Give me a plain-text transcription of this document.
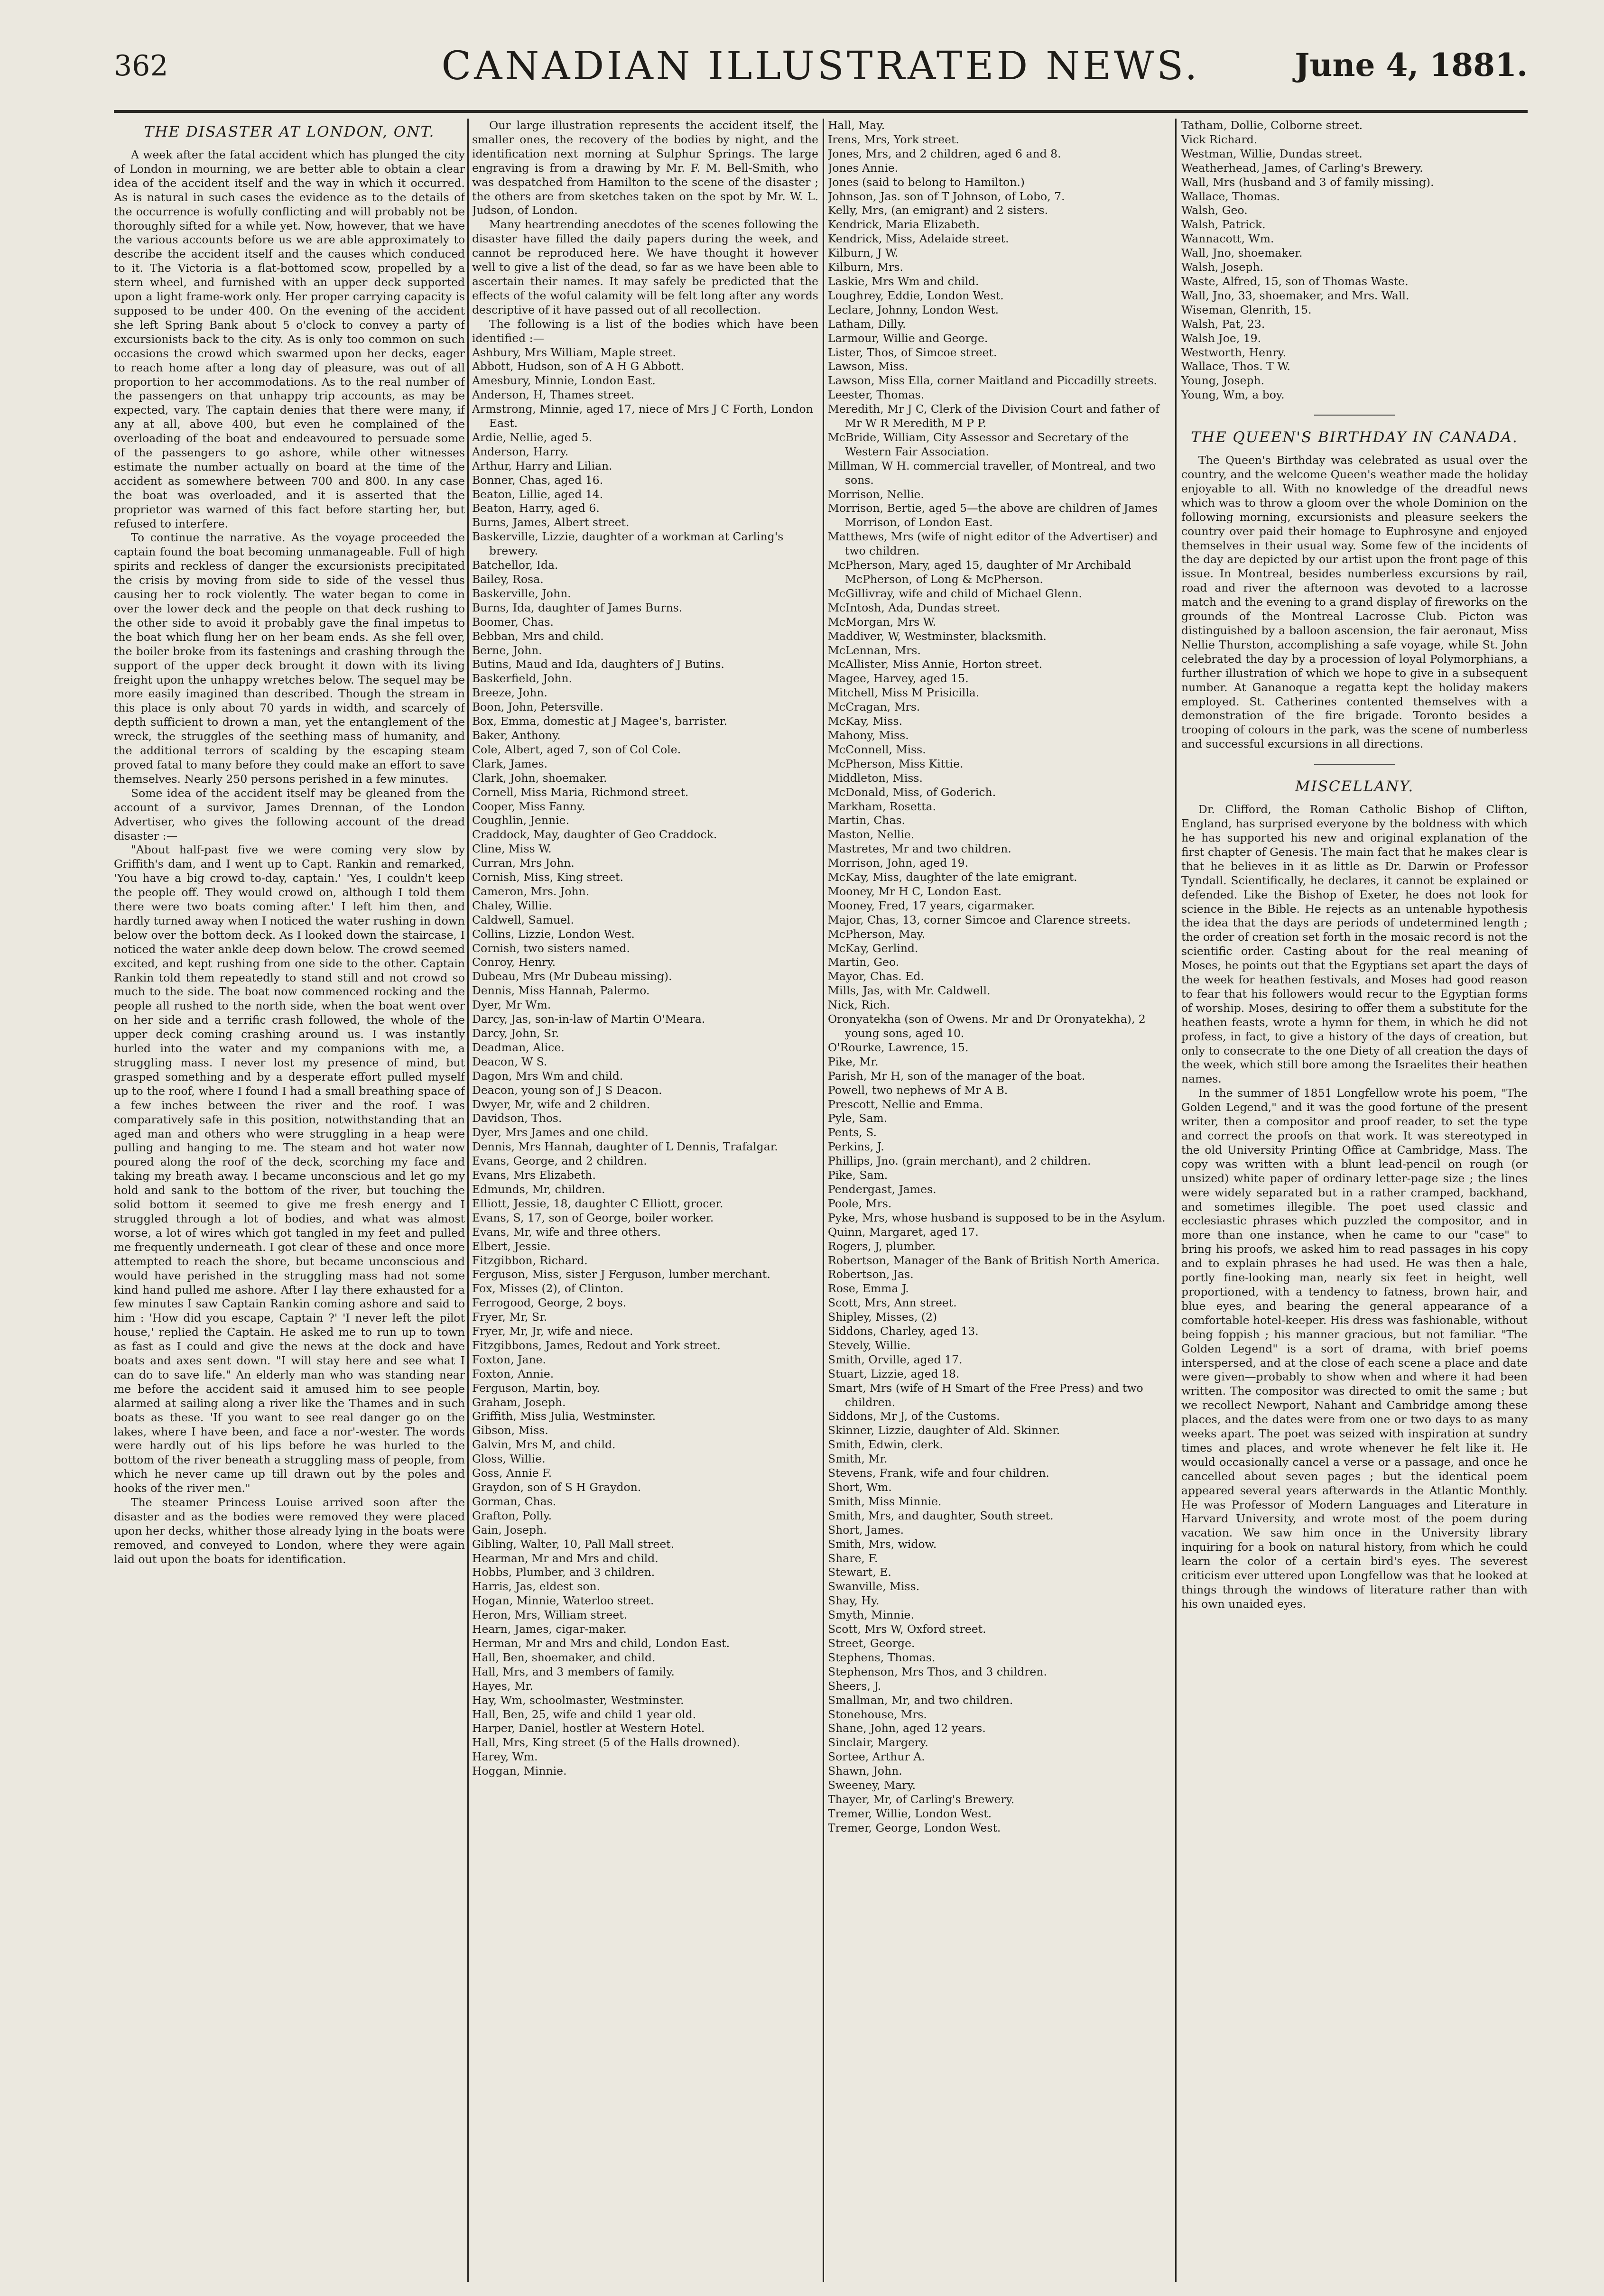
362	CANADIAN ILLUSTRATED NEWS.	June 4, 1881.
THE DISASTER AT LONDON, ONT.

A week after the fatal accident which has plunged the city of London in mourning, we are better able to obtain a clear idea of the accident itself and the way in which it occurred. As is natural in such cases the evidence as to the details of the occurrence is wofully conflicting and will probably not be thoroughly sifted for a while yet. Now, however, that we have the various accounts before us we are able approximately to describe the accident itself and the causes which conduced to it. The Victoria is a flat-bottomed scow, propelled by a stern wheel, and furnished with an upper deck supported upon a light frame-work only. Her proper carrying capacity is supposed to be under 400. On the evening of the accident she left Spring Bank about 5 o'clock to convey a party of excursionists back to the city. As is only too common on such occasions the crowd which swarmed upon her decks, eager to reach home after a long day of pleasure, was out of all proportion to her accommodations. As to the real number of the passengers on that unhappy trip accounts, as may be expected, vary. The captain denies that there were many, if any at all, above 400, but even he complained of the overloading of the boat and endeavoured to persuade some of the passengers to go ashore, while other witnesses estimate the number actually on board at the time of the accident as somewhere between 700 and 800. In any case the boat was overloaded, and it is asserted that the proprietor was warned of this fact before starting her, but refused to interfere.

To continue the narrative. As the voyage proceeded the captain found the boat becoming unmanageable. Full of high spirits and reckless of danger the excursionists precipitated the crisis by moving from side to side of the vessel thus causing her to rock violently. The water began to come in over the lower deck and the people on that deck rushing to the other side to avoid it probably gave the final impetus to the boat which flung her on her beam ends. As she fell over, the boiler broke from its fastenings and crashing through the support of the upper deck brought it down with its living freight upon the unhappy wretches below. The sequel may be more easily imagined than described. Though the stream in this place is only about 70 yards in width, and scarcely of depth sufficient to drown a man, yet the entanglement of the wreck, the struggles of the seething mass of humanity, and the additional terrors of scalding by the escaping steam proved fatal to many before they could make an effort to save themselves. Nearly 250 persons perished in a few minutes.

Some idea of the accident itself may be gleaned from the account of a survivor, James Drennan, of the London Advertiser, who gives the following account of the dread disaster :—

"About half-past five we were coming very slow by Griffith's dam, and I went up to Capt. Rankin and remarked, 'You have a big crowd to-day, captain.' 'Yes, I couldn't keep the people off. They would crowd on, although I told them there were two boats coming after.' I left him then, and hardly turned away when I noticed the water rushing in down below over the bottom deck. As I looked down the staircase, I noticed the water ankle deep down below. The crowd seemed excited, and kept rushing from one side to the other. Captain Rankin told them repeatedly to stand still and not crowd so much to the side. The boat now commenced rocking and the people all rushed to the north side, when the boat went over on her side and a terrific crash followed, the whole of the upper deck coming crashing around us. I was instantly hurled into the water and my companions with me, a struggling mass. I never lost my presence of mind, but grasped something and by a desperate effort pulled myself up to the roof, where I found I had a small breathing space of a few inches between the river and the roof. I was comparatively safe in this position, notwithstanding that an aged man and others who were struggling in a heap were pulling and hanging to me. The steam and hot water now poured along the roof of the deck, scorching my face and taking my breath away. I became unconscious and let go my hold and sank to the bottom of the river, but touching the solid bottom it seemed to give me fresh energy and I struggled through a lot of bodies, and what was almost worse, a lot of wires which got tangled in my feet and pulled me frequently underneath. I got clear of these and once more attempted to reach the shore, but became unconscious and would have perished in the struggling mass had not some kind hand pulled me ashore. After I lay there exhausted for a few minutes I saw Captain Rankin coming ashore and said to him : 'How did you escape, Captain ?' 'I never left the pilot house,' replied the Captain. He asked me to run up to town as fast as I could and give the news at the dock and have boats and axes sent down. "I will stay here and see what I can do to save life." An elderly man who was standing near me before the accident said it amused him to see people alarmed at sailing along a river like the Thames and in such boats as these. 'If you want to see real danger go on the lakes, where I have been, and face a nor'-wester. The words were hardly out of his lips before he was hurled to the bottom of the river beneath a struggling mass of people, from which he never came up till drawn out by the poles and hooks of the river men."

The steamer Princess Louise arrived soon after the disaster and as the bodies were removed they were placed upon her decks, whither those already lying in the boats were removed, and conveyed to London, where they were again laid out upon the boats for identification.

Our large illustration represents the accident itself, the smaller ones, the recovery of the bodies by night, and the identification next morning at Sulphur Springs. The large engraving is from a drawing by Mr. F. M. Bell-Smith, who was despatched from Hamilton to the scene of the disaster ; the others are from sketches taken on the spot by Mr. W. L. Judson, of London.

Many heartrending anecdotes of the scenes following the disaster have filled the daily papers during the week, and cannot be reproduced here. We have thought it however well to give a list of the dead, so far as we have been able to ascertain their names. It may safely be predicted that the effects of the woful calamity will be felt long after any words descriptive of it have passed out of all recollection.

The following is a list of the bodies which have been identified :—

Ashbury, Mrs William, Maple street.

Abbott, Hudson, son of A H G Abbott.

Amesbury, Minnie, London East.

Anderson, H, Thames street.

Armstrong, Minnie, aged 17, niece of Mrs J C Forth, London East.

Ardie, Nellie, aged 5.

Anderson, Harry.

Arthur, Harry and Lilian.

Bonner, Chas, aged 16.

Beaton, Lillie, aged 14.

Beaton, Harry, aged 6.

Burns, James, Albert street.

Baskerville, Lizzie, daughter of a workman at Carling's brewery.

Batchellor, Ida.

Bailey, Rosa.

Baskerville, John.

Burns, Ida, daughter of James Burns.

Boomer, Chas.

Bebban, Mrs and child.

Berne, John.

Butins, Maud and Ida, daughters of J Butins.

Baskerfield, John.

Breeze, John.

Boon, John, Petersville.

Box, Emma, domestic at J Magee's, barrister.

Baker, Anthony.

Cole, Albert, aged 7, son of Col Cole.

Clark, James.

Clark, John, shoemaker.

Cornell, Miss Maria, Richmond street.

Cooper, Miss Fanny.

Coughlin, Jennie.

Craddock, May, daughter of Geo Craddock.

Cline, Miss W.

Curran, Mrs John.

Cornish, Miss, King street.

Cameron, Mrs. John.

Chaley, Willie.

Caldwell, Samuel.

Collins, Lizzie, London West.

Cornish, two sisters named.

Conroy, Henry.

Dubeau, Mrs (Mr Dubeau missing).

Dennis, Miss Hannah, Palermo.

Dyer, Mr Wm.

Darcy, Jas, son-in-law of Martin O'Meara.

Darcy, John, Sr.

Deadman, Alice.

Deacon, W S.

Dagon, Mrs Wm and child.

Deacon, young son of J S Deacon.

Dwyer, Mr, wife and 2 children.

Davidson, Thos.

Dyer, Mrs James and one child.

Dennis, Mrs Hannah, daughter of L Dennis, Trafalgar.

Evans, George, and 2 children.

Evans, Mrs Elizabeth.

Edmunds, Mr, children.

Elliott, Jessie, 18, daughter C Elliott, grocer.

Evans, S, 17, son of George, boiler worker.

Evans, Mr, wife and three others.

Elbert, Jessie.

Fitzgibbon, Richard.

Ferguson, Miss, sister J Ferguson, lumber merchant.

Fox, Misses (2), of Clinton.

Ferrogood, George, 2 boys.

Fryer, Mr, Sr.

Fryer, Mr, Jr, wife and niece.

Fitzgibbons, James, Redout and York street.

Foxton, Jane.

Foxton, Annie.

Ferguson, Martin, boy.

Graham, Joseph.

Griffith, Miss Julia, Westminster.

Gibson, Miss.

Galvin, Mrs M, and child.

Gloss, Willie.

Goss, Annie F.

Graydon, son of S H Graydon.

Gorman, Chas.

Grafton, Polly.

Gain, Joseph.

Gibling, Walter, 10, Pall Mall street.

Hearman, Mr and Mrs and child.

Hobbs, Plumber, and 3 children.

Harris, Jas, eldest son.

Hogan, Minnie, Waterloo street.

Heron, Mrs, William street.

Hearn, James, cigar-maker.

Herman, Mr and Mrs and child, London East.

Hall, Ben, shoemaker, and child.

Hall, Mrs, and 3 members of family.

Hayes, Mr.

Hay, Wm, schoolmaster, Westminster.

Hall, Ben, 25, wife and child 1 year old.

Harper, Daniel, hostler at Western Hotel.

Hall, Mrs, King street (5 of the Halls drowned).

Harey, Wm.

Hoggan, Minnie.

Hall, May.

Irens, Mrs, York street.

Jones, Mrs, and 2 children, aged 6 and 8.

Jones Annie.

Jones (said to belong to Hamilton.)

Johnson, Jas. son of T Johnson, of Lobo, 7.

Kelly, Mrs, (an emigrant) and 2 sisters.

Kendrick, Maria Elizabeth.

Kendrick, Miss, Adelaide street.

Kilburn, J W.

Kilburn, Mrs.

Laskie, Mrs Wm and child.

Loughrey, Eddie, London West.

Leclare, Johnny, London West.

Latham, Dilly.

Larmour, Willie and George.

Lister, Thos, of Simcoe street.

Lawson, Miss.

Lawson, Miss Ella, corner Maitland and Piccadilly streets.

Leester, Thomas.

Meredith, Mr J C, Clerk of the Division Court and father of Mr W R Meredith, M P P.

McBride, William, City Assessor and Secretary of the Western Fair Association.

Millman, W H. commercial traveller, of Montreal, and two sons.

Morrison, Nellie.

Morrison, Bertie, aged 5—the above are children of James Morrison, of London East.

Matthews, Mrs (wife of night editor of the Advertiser) and two children.

McPherson, Mary, aged 15, daughter of Mr Archibald McPherson, of Long & McPherson.

McGillivray, wife and child of Michael Glenn.

McIntosh, Ada, Dundas street.

McMorgan, Mrs W.

Maddiver, W, Westminster, blacksmith.

McLennan, Mrs.

McAllister, Miss Annie, Horton street.

Magee, Harvey, aged 15.

Mitchell, Miss M Prisicilla.

McCragan, Mrs.

McKay, Miss.

Mahony, Miss.

McConnell, Miss.

McPherson, Miss Kittie.

Middleton, Miss.

McDonald, Miss, of Goderich.

Markham, Rosetta.

Martin, Chas.

Maston, Nellie.

Mastretes, Mr and two children.

Morrison, John, aged 19.

McKay, Miss, daughter of the late emigrant.

Mooney, Mr H C, London East.

Mooney, Fred, 17 years, cigarmaker.

Major, Chas, 13, corner Simcoe and Clarence streets.

McPherson, May.

McKay, Gerlind.

Martin, Geo.

Mayor, Chas. Ed.

Mills, Jas, with Mr. Caldwell.

Nick, Rich.

Oronyatekha (son of Owens. Mr and Dr Oronyatekha), 2 young sons, aged 10.

O'Rourke, Lawrence, 15.

Pike, Mr.

Parish, Mr H, son of the manager of the boat.

Powell, two nephews of Mr A B.

Prescott, Nellie and Emma.

Pyle, Sam.

Pents, S.

Perkins, J.

Phillips, Jno. (grain merchant), and 2 children.

Pike, Sam.

Pendergast, James.

Poole, Mrs.

Pyke, Mrs, whose husband is supposed to be in the Asylum.

Quinn, Margaret, aged 17.

Rogers, J, plumber.

Robertson, Manager of the Bank of British North America.

Robertson, Jas.

Rose, Emma J.

Scott, Mrs, Ann street.

Shipley, Misses, (2)

Siddons, Charley, aged 13.

Stevely, Willie.

Smith, Orville, aged 17.

Stuart, Lizzie, aged 18.

Smart, Mrs (wife of H Smart of the Free Press) and two children.

Siddons, Mr J, of the Customs.

Skinner, Lizzie, daughter of Ald. Skinner.

Smith, Edwin, clerk.

Smith, Mr.

Stevens, Frank, wife and four children.

Short, Wm.

Smith, Miss Minnie.

Smith, Mrs, and daughter, South street.

Short, James.

Smith, Mrs, widow.

Share, F.

Stewart, E.

Swanville, Miss.

Shay, Hy.

Smyth, Minnie.

Scott, Mrs W, Oxford street.

Street, George.

Stephens, Thomas.

Stephenson, Mrs Thos, and 3 children.

Sheers, J.

Smallman, Mr, and two children.

Stonehouse, Mrs.

Shane, John, aged 12 years.

Sinclair, Margery.

Sortee, Arthur A.

Shawn, John.

Sweeney, Mary.

Thayer, Mr, of Carling's Brewery.

Tremer, Willie, London West.

Tremer, George, London West.

Tatham, Dollie, Colborne street.

Vick Richard.

Westman, Willie, Dundas street.

Weatherhead, James, of Carling's Brewery.

Wall, Mrs (husband and 3 of family missing).

Wallace, Thomas.

Walsh, Geo.

Walsh, Patrick.

Wannacott, Wm.

Wall, Jno, shoemaker.

Walsh, Joseph.

Waste, Alfred, 15, son of Thomas Waste.

Wall, Jno, 33, shoemaker, and Mrs. Wall.

Wiseman, Glenrith, 15.

Walsh, Pat, 23.

Walsh Joe, 19.

Westworth, Henry.

Wallace, Thos. T W.

Young, Joseph.

Young, Wm, a boy.

THE QUEEN'S BIRTHDAY IN CANADA.

The Queen's Birthday was celebrated as usual over the country, and the welcome Queen's weather made the holiday enjoyable to all. With no knowledge of the dreadful news which was to throw a gloom over the whole Dominion on the following morning, excursionists and pleasure seekers the country over paid their homage to Euphrosyne and enjoyed themselves in their usual way. Some few of the incidents of the day are depicted by our artist upon the front page of this issue. In Montreal, besides numberless excursions by rail, road and river the afternoon was devoted to a lacrosse match and the evening to a grand display of fireworks on the grounds of the Montreal Lacrosse Club. Picton was distinguished by a balloon ascension, the fair aeronaut, Miss Nellie Thurston, accomplishing a safe voyage, while St. John celebrated the day by a procession of loyal Polymorphians, a further illustration of which we hope to give in a subsequent number. At Gananoque a regatta kept the holiday makers employed. St. Catherines contented themselves with a demonstration of the fire brigade. Toronto besides a trooping of colours in the park, was the scene of numberless and successful excursions in all directions.

MISCELLANY.

Dr. Clifford, the Roman Catholic Bishop of Clifton, England, has surprised everyone by the boldness with which he has supported his new and original explanation of the first chapter of Genesis. The main fact that he makes clear is that he believes in it as little as Dr. Darwin or Professor Tyndall. Scientifically, he declares, it cannot be explained or defended. Like the Bishop of Exeter, he does not look for science in the Bible. He rejects as an untenable hypothesis the idea that the days are periods of undetermined length ; the order of creation set forth in the mosaic record is not the scientific order. Casting about for the real meaning of Moses, he points out that the Egyptians set apart the days of the week for heathen festivals, and Moses had good reason to fear that his followers would recur to the Egyptian forms of worship. Moses, desiring to offer them a substitute for the heathen feasts, wrote a hymn for them, in which he did not profess, in fact, to give a history of the days of creation, but only to consecrate to the one Diety of all creation the days of the week, which still bore among the Israelites their heathen names.

In the summer of 1851 Longfellow wrote his poem, "The Golden Legend," and it was the good fortune of the present writer, then a compositor and proof reader, to set the type and correct the proofs on that work. It was stereotyped in the old University Printing Office at Cambridge, Mass. The copy was written with a blunt lead-pencil on rough (or unsized) white paper of ordinary letter-page size ; the lines were widely separated but in a rather cramped, backhand, and sometimes illegible. The poet used classic and ecclesiastic phrases which puzzled the compositor, and in more than one instance, when he came to our "case" to bring his proofs, we asked him to read passages in his copy and to explain phrases he had used. He was then a hale, portly fine-looking man, nearly six feet in height, well proportioned, with a tendency to fatness, brown hair, and blue eyes, and bearing the general appearance of a comfortable hotel-keeper. His dress was fashionable, without being foppish ; his manner gracious, but not familiar. "The Golden Legend" is a sort of drama, with brief poems interspersed, and at the close of each scene a place and date were given—probably to show when and where it had been written. The compositor was directed to omit the same ; but we recollect Newport, Nahant and Cambridge among these places, and the dates were from one or two days to as many weeks apart. The poet was seized with inspiration at sundry times and places, and wrote whenever he felt like it. He would occasionally cancel a verse or a passage, and once he cancelled about seven pages ; but the identical poem appeared several years afterwards in the Atlantic Monthly. He was Professor of Modern Languages and Literature in Harvard University, and wrote most of the poem during vacation. We saw him once in the University library inquiring for a book on natural history, from which he could learn the color of a certain bird's eyes. The severest criticism ever uttered upon Longfellow was that he looked at things through the windows of literature rather than with his own unaided eyes.
